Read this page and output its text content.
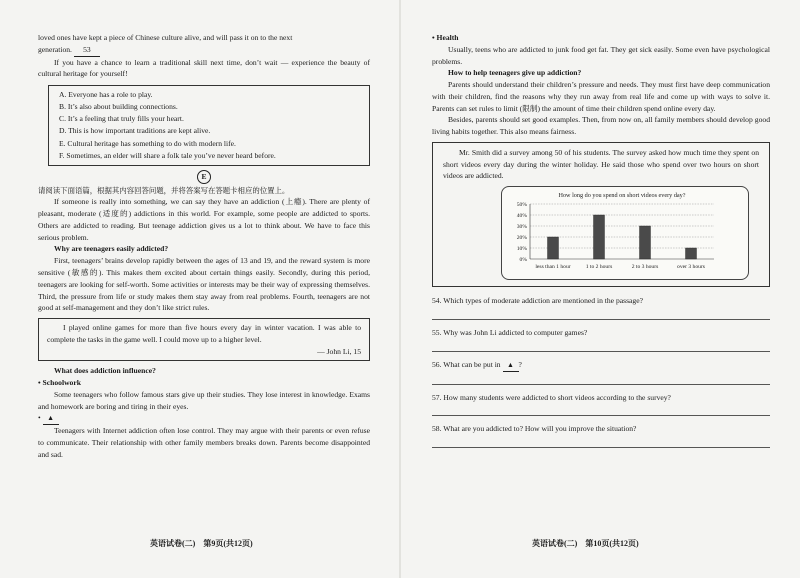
loved ones have kept a piece of Chinese culture alive, and will pass it on to the next

generation. 53

If you have a chance to learn a traditional skill next time, don’t wait — experience the beauty of cultural heritage for yourself!

A. Everyone has a role to play.
B. It’s also about building connections.
C. It’s a feeling that truly fills your heart.
D. This is how important traditions are kept alive.
E. Cultural heritage has something to do with modern life.
F. Sometimes, an elder will share a folk tale you’ve never heard before.
E

请阅读下面语篇，根据其内容回答问题，并将答案写在答题卡相应的位置上。

If someone is really into something, we can say they have an addiction (上瘾). There are plenty of pleasant, moderate (适度的) addictions in this world. For example, some people are addicted to sports. Others are addicted to reading. But teenage addiction gives us a lot to think about. We have to face this serious problem.

Why are teenagers easily addicted?

First, teenagers’ brains develop rapidly between the ages of 13 and 19, and the reward system is more sensitive (敏感的). This makes them excited about certain things easily. Secondly, during this period, teenagers are looking for self-worth. Some activities or interests may be their way of expressing themselves. Third, the pressure from life or study makes them stay away from real problems. Fourth, teenagers are not good at self-management and they don’t like strict rules.

I played online games for more than five hours every day in winter vacation. I was able to complete the tasks in the game well. I could move up to a higher level.

— John Li, 15

What does addiction influence?

• Schoolwork

Some teenagers who follow famous stars give up their studies. They lose interest in knowledge. Exams and homework are boring and tiring in their eyes.

• ▲

Teenagers with Internet addiction often lose control. They may argue with their parents or even refuse to communicate. Their relationship with other family members breaks down. Parents become disappointed and sad.

英语试卷(二)　第9页(共12页)

• Health

Usually, teens who are addicted to junk food get fat. They get sick easily. Some even have psychological problems.

How to help teenagers give up addiction?

Parents should understand their children’s pressure and needs. They must first have deep communication with their children, find the reasons why they run away from real life and come up with ways to solve it. Parents can set rules to limit (限制) the amount of time their children spend online every day.

Besides, parents should set good examples. Then, from now on, all family members should develop good living habits together. This also means fairness.

Mr. Smith did a survey among 50 of his students. The survey asked how much time they spent on short videos every day during the winter holiday. He said those who spend over two hours on short videos are addicted.

How long do you spend on short videos every day?
0%
10%
20%
30%
40%
50%
less than 1 hour	1 to 2 hours	2 to 3 hours	over 3 hours

54. Which types of moderate addiction are mentioned in the passage?

55. Why was John Li addicted to computer games?

56. What can be put in ▲ ?

57. How many students were addicted to short videos according to the survey?

58. What are you addicted to? How will you improve the situation?

英语试卷(二)　第10页(共12页)
